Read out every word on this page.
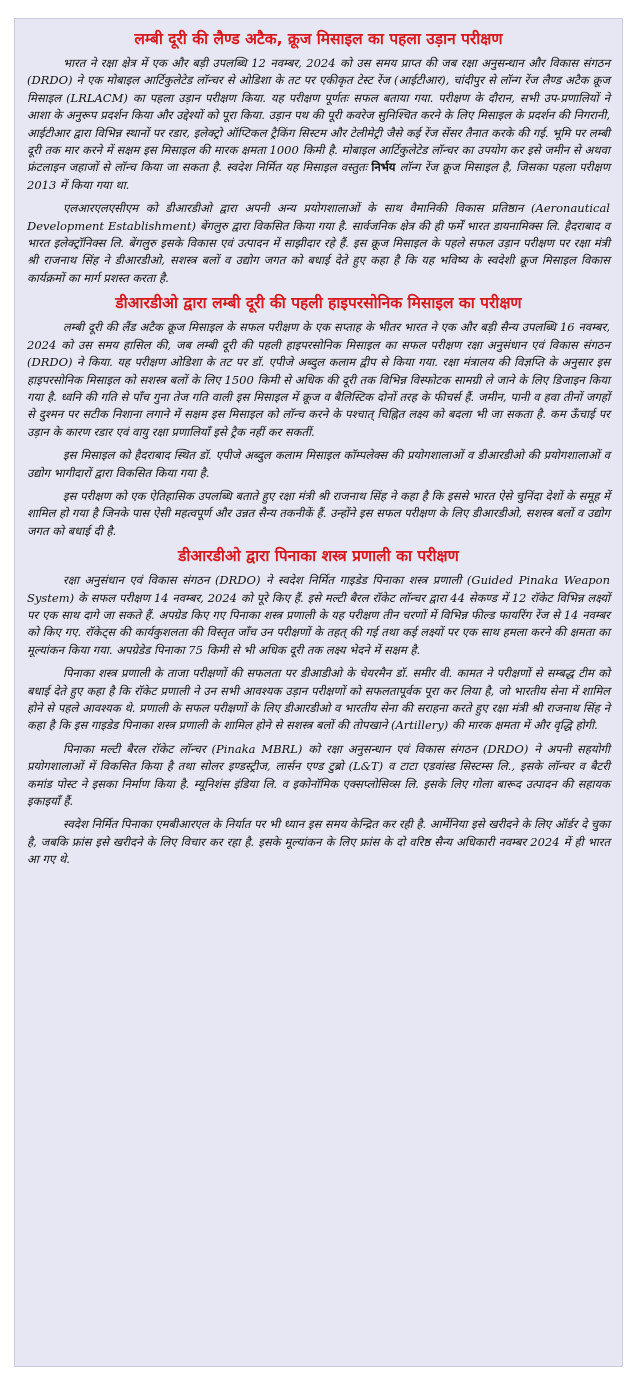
लम्बी दूरी की लैण्ड अटैक, क्रूज मिसाइल का पहला उड़ान परीक्षण

भारत ने रक्षा क्षेत्र में एक और बड़ी उपलब्धि 12 नवम्बर, 2024 को उस समय प्राप्त की जब रक्षा अनुसन्धान और विकास संगठन (DRDO) ने एक मोबाइल आर्टिकुलेटेड लॉन्चर से ओडिशा के तट पर एकीकृत टेस्ट रेंज (आईटीआर), चांदीपुर से लॉन्ग रेंज लैण्ड अटैक क्रूज मिसाइल (LRLACM) का पहला उड़ान परीक्षण किया. यह परीक्षण पूर्णतः सफल बताया गया. परीक्षण के दौरान, सभी उप-प्रणालियों ने आशा के अनुरूप प्रदर्शन किया और उद्देश्यों को पूरा किया. उड़ान पथ की पूरी कवरेज सुनिश्चित करने के लिए मिसाइल के प्रदर्शन की निगरानी, आईटीआर द्वारा विभिन्न स्थानों पर रडार, इलेक्ट्रो ऑप्टिकल ट्रैकिंग सिस्टम और टेलीमेट्री जैसे कई रेंज सेंसर तैनात करके की गई. भूमि पर लम्बी दूरी तक मार करने में सक्षम इस मिसाइल की मारक क्षमता 1000 किमी है. मोबाइल आर्टिकुलेटेड लॉन्चर का उपयोग कर इसे जमीन से अथवा फ्रंटलाइन जहाजों से लॉन्च किया जा सकता है. स्वदेश निर्मित यह मिसाइल वस्तुतः निर्भय लॉन्ग रेंज क्रूज मिसाइल है, जिसका पहला परीक्षण 2013 में किया गया था.

एलआरएलएसीएम को डीआरडीओ द्वारा अपनी अन्य प्रयोगशालाओं के साथ वैमानिकी विकास प्रतिष्ठान (Aeronautical Development Establishment) बेंगलुरु द्वारा विकसित किया गया है. सार्वजनिक क्षेत्र की ही फर्में भारत डायनामिक्स लि. हैदराबाद व भारत इलेक्ट्रॉनिक्स लि. बेंगलुरु इसके विकास एवं उत्पादन में साझीदार रहे हैं. इस क्रूज मिसाइल के पहले सफल उड़ान परीक्षण पर रक्षा मंत्री श्री राजनाथ सिंह ने डीआरडीओ, सशस्त्र बलों व उद्योग जगत को बधाई देते हुए कहा है कि यह भविष्य के स्वदेशी क्रूज मिसाइल विकास कार्यक्रमों का मार्ग प्रशस्त करता है.

डीआरडीओ द्वारा लम्बी दूरी की पहली हाइपरसोनिक मिसाइल का परीक्षण

लम्बी दूरी की लैंड अटैक क्रूज मिसाइल के सफल परीक्षण के एक सप्ताह के भीतर भारत ने एक और बड़ी सैन्य उपलब्धि 16 नवम्बर, 2024 को उस समय हासिल की, जब लम्बी दूरी की पहली हाइपरसोनिक मिसाइल का सफल परीक्षण रक्षा अनुसंधान एवं विकास संगठन (DRDO) ने किया. यह परीक्षण ओडिशा के तट पर डॉ. एपीजे अब्दुल कलाम द्वीप से किया गया. रक्षा मंत्रालय की विज्ञप्ति के अनुसार इस हाइपरसोनिक मिसाइल को सशस्त्र बलों के लिए 1500 किमी से अधिक की दूरी तक विभिन्न विस्फोटक सामग्री ले जाने के लिए डिजाइन किया गया है. ध्वनि की गति से पाँच गुना तेज गति वाली इस मिसाइल में क्रूज व बैलिस्टिक दोनों तरह के फीचर्स हैं. जमीन, पानी व हवा तीनों जगहों से दुश्मन पर सटीक निशाना लगाने में सक्षम इस मिसाइल को लॉन्च करने के पश्चात् चिह्नित लक्ष्य को बदला भी जा सकता है. कम ऊँचाई पर उड़ान के कारण रडार एवं वायु रक्षा प्रणालियाँ इसे ट्रैक नहीं कर सकतीं.

इस मिसाइल को हैदराबाद स्थित डॉ. एपीजे अब्दुल कलाम मिसाइल कॉम्पलेक्स की प्रयोगशालाओं व डीआरडीओ की प्रयोगशालाओं व उद्योग भागीदारों द्वारा विकसित किया गया है.

इस परीक्षण को एक ऐतिहासिक उपलब्धि बताते हुए रक्षा मंत्री श्री राजनाथ सिंह ने कहा है कि इससे भारत ऐसे चुनिंदा देशों के समूह में शामिल हो गया है जिनके पास ऐसी महत्वपूर्ण और उन्नत सैन्य तकनीकें हैं. उन्होंने इस सफल परीक्षण के लिए डीआरडीओ, सशस्त्र बलों व उद्योग जगत को बधाई दी है.

डीआरडीओ द्वारा पिनाका शस्त्र प्रणाली का परीक्षण

रक्षा अनुसंधान एवं विकास संगठन (DRDO) ने स्वदेश निर्मित गाइडेड पिनाका शस्त्र प्रणाली (Guided Pinaka Weapon System) के सफल परीक्षण 14 नवम्बर, 2024 को पूरे किए हैं. इसे मल्टी बैरल रॉकेट लॉन्चर द्वारा 44 सेकण्ड में 12 रॉकेट विभिन्न लक्ष्यों पर एक साथ दागे जा सकते हैं. अपग्रेड किए गए पिनाका शस्त्र प्रणाली के यह परीक्षण तीन चरणों में विभिन्न फील्ड फायरिंग रेंज से 14 नवम्बर को किए गए. रॉकेट्स की कार्यकुशलता की विस्तृत जाँच उन परीक्षणों के तहत् की गई तथा कई लक्ष्यों पर एक साथ हमला करने की क्षमता का मूल्यांकन किया गया. अपग्रेडेड पिनाका 75 किमी से भी अधिक दूरी तक लक्ष्य भेदने में सक्षम है.

पिनाका शस्त्र प्रणाली के ताजा परीक्षणों की सफलता पर डीआडीओ के चेयरमैन डॉ. समीर वी. कामत ने परीक्षणों से सम्बद्ध टीम को बधाई देते हुए कहा है कि रॉकेट प्रणाली ने उन सभी आवश्यक उड़ान परीक्षणों को सफलतापूर्वक पूरा कर लिया है, जो भारतीय सेना में शामिल होने से पहले आवश्यक थे. प्रणाली के सफल परीक्षणों के लिए डीआरडीओ व भारतीय सेना की सराहना करते हुए रक्षा मंत्री श्री राजनाथ सिंह ने कहा है कि इस गाइडेड पिनाका शस्त्र प्रणाली के शामिल होने से सशस्त्र बलों की तोपखाने (Artillery) की मारक क्षमता में और वृद्धि होगी.

पिनाका मल्टी बैरल रॉकेट लॉन्चर (Pinaka MBRL) को रक्षा अनुसन्धान एवं विकास संगठन (DRDO) ने अपनी सहयोगी प्रयोगशालाओं में विकसित किया है तथा सोलर इण्डस्ट्रीज, लार्सन एण्ड टुब्रो (L&T) व टाटा एडवांस्ड सिस्टम्स लि., इसके लॉन्चर व बैटरी कमांड पोस्ट ने इसका निर्माण किया है. म्यूनिशंस इंडिया लि. व इकोनॉमिक एक्सप्लोसिव्स लि. इसके लिए गोला बारूद उत्पादन की सहायक इकाइयाँ हैं.

स्वदेश निर्मित पिनाका एमबीआरएल के निर्यात पर भी ध्यान इस समय केन्द्रित कर रही है. आर्मेनिया इसे खरीदने के लिए ऑर्डर दे चुका है, जबकि फ्रांस इसे खरीदने के लिए विचार कर रहा है. इसके मूल्यांकन के लिए फ्रांस के दो वरिष्ठ सैन्य अधिकारी नवम्बर 2024 में ही भारत आ गए थे.
